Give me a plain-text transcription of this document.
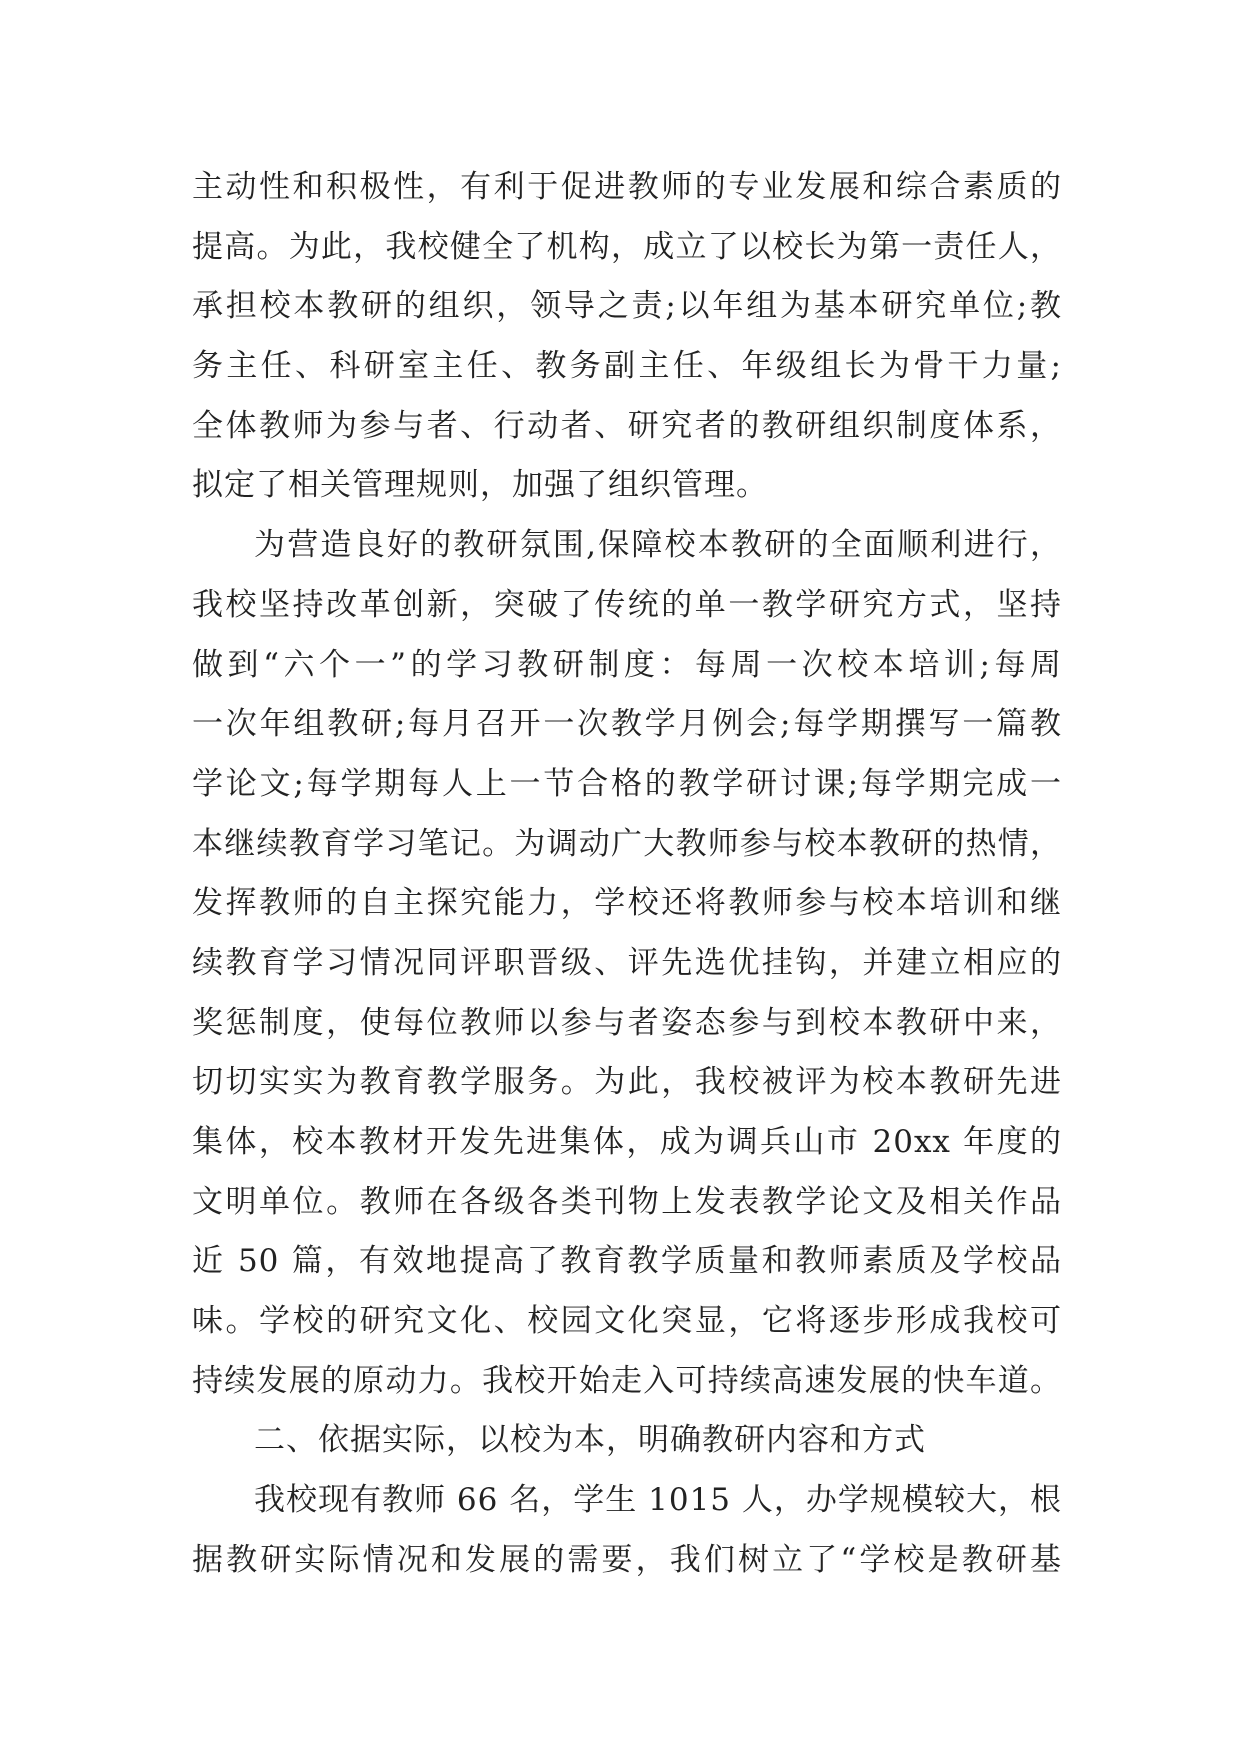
主动性和积极性，有利于促进教师的专业发展和综合素质的
提高。为此，我校健全了机构，成立了以校长为第一责任人，
承担校本教研的组织，领导之责;以年组为基本研究单位;教
务主任、科研室主任、教务副主任、年级组长为骨干力量;
全体教师为参与者、行动者、研究者的教研组织制度体系，
拟定了相关管理规则，加强了组织管理。
为营造良好的教研氛围,保障校本教研的全面顺利进行，
我校坚持改革创新，突破了传统的单一教学研究方式，坚持
做到“六个一”的学习教研制度：每周一次校本培训;每周
一次年组教研;每月召开一次教学月例会;每学期撰写一篇教
学论文;每学期每人上一节合格的教学研讨课;每学期完成一
本继续教育学习笔记。为调动广大教师参与校本教研的热情，
发挥教师的自主探究能力，学校还将教师参与校本培训和继
续教育学习情况同评职晋级、评先选优挂钩，并建立相应的
奖惩制度，使每位教师以参与者姿态参与到校本教研中来，
切切实实为教育教学服务。为此，我校被评为校本教研先进
集体，校本教材开发先进集体，成为调兵山市 20xx 年度的
文明单位。教师在各级各类刊物上发表教学论文及相关作品
近 50 篇，有效地提高了教育教学质量和教师素质及学校品
味。学校的研究文化、校园文化突显，它将逐步形成我校可
持续发展的原动力。我校开始走入可持续高速发展的快车道。
二、依据实际，以校为本，明确教研内容和方式
我校现有教师 66 名，学生 1015 人，办学规模较大，根
据教研实际情况和发展的需要，我们树立了“学校是教研基
